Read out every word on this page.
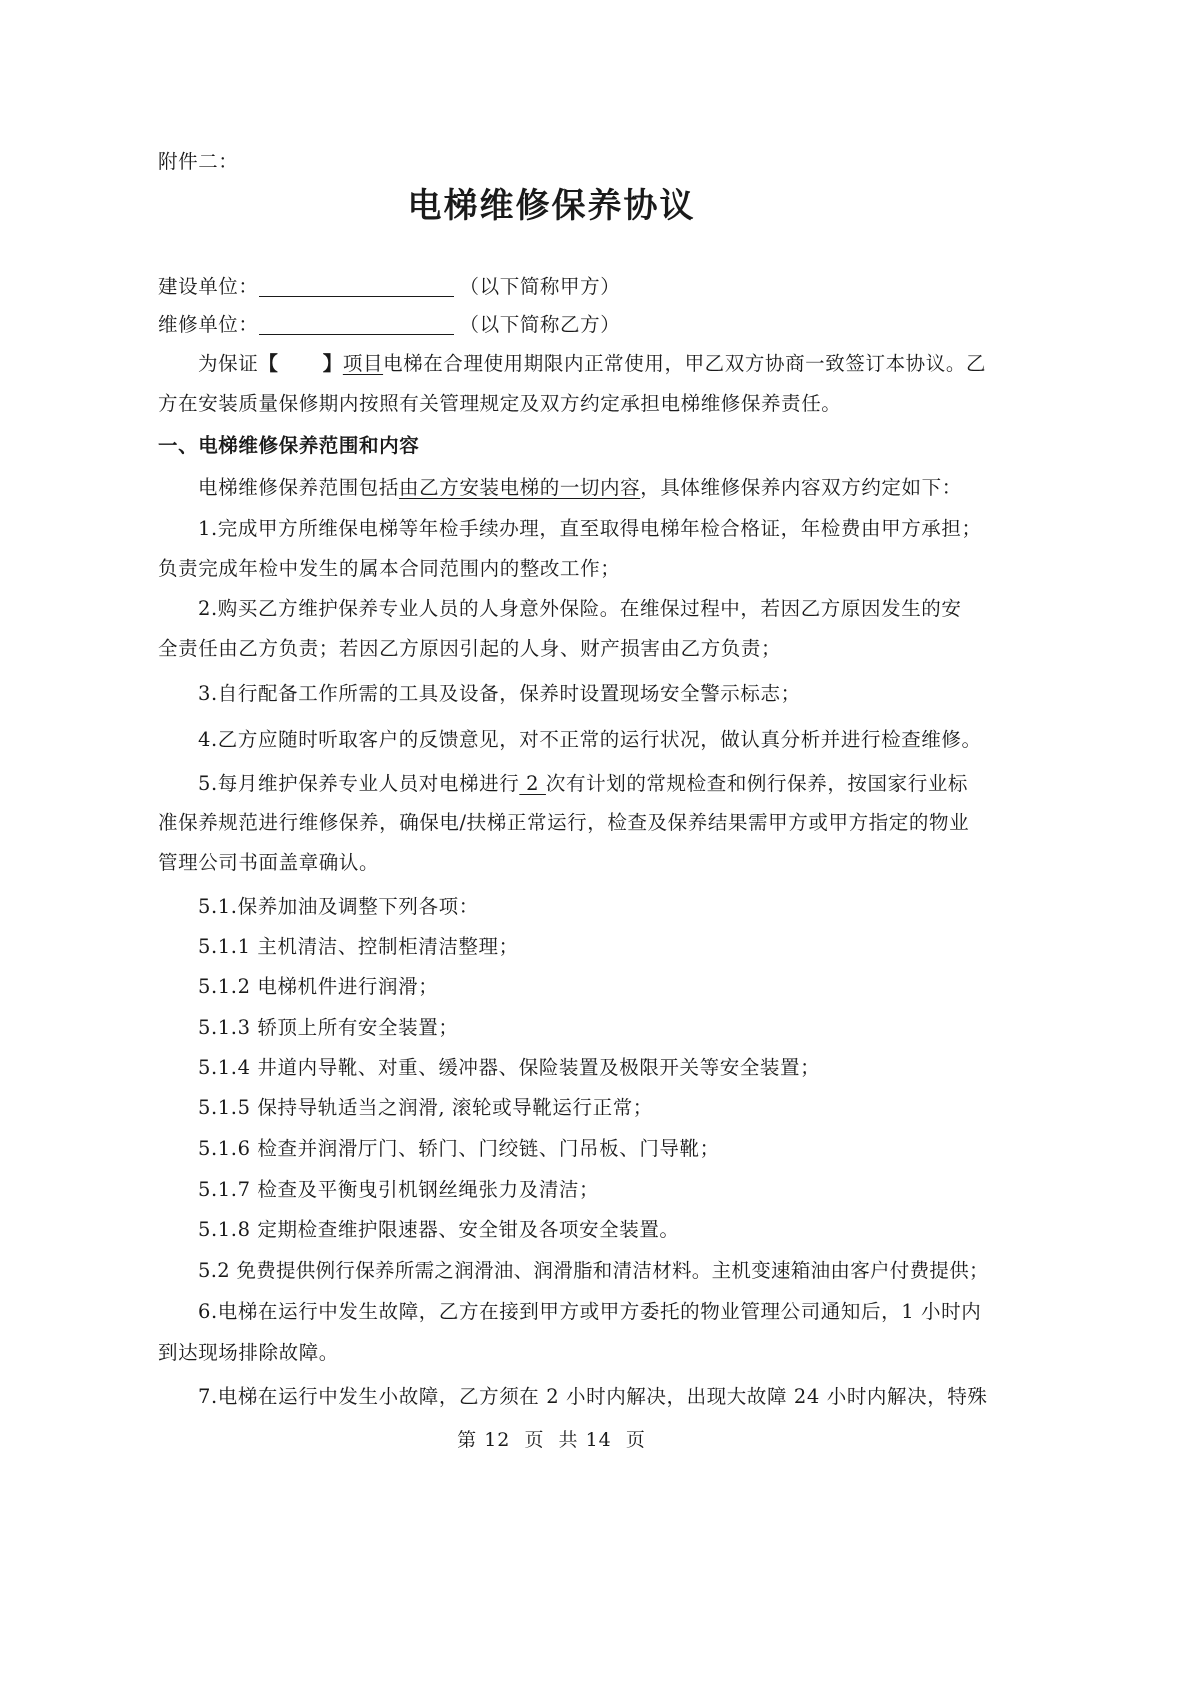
附件二：
电梯维修保养协议
建设单位：	（以下简称甲方）
维修单位：	（以下简称乙方）
为保证【      】项目电梯在合理使用期限内正常使用，甲乙双方协商一致签订本协议。乙
方在安装质量保修期内按照有关管理规定及双方约定承担电梯维修保养责任。
一、电梯维修保养范围和内容
电梯维修保养范围包括由乙方安装电梯的一切内容，具体维修保养内容双方约定如下：
1.完成甲方所维保电梯等年检手续办理，直至取得电梯年检合格证，年检费由甲方承担；
负责完成年检中发生的属本合同范围内的整改工作；
2.购买乙方维护保养专业人员的人身意外保险。在维保过程中，若因乙方原因发生的安
全责任由乙方负责；若因乙方原因引起的人身、财产损害由乙方负责；
3.自行配备工作所需的工具及设备，保养时设置现场安全警示标志；
4.乙方应随时听取客户的反馈意见，对不正常的运行状况，做认真分析并进行检查维修。
5.每月维护保养专业人员对电梯进行 2 次有计划的常规检查和例行保养，按国家行业标
准保养规范进行维修保养，确保电/扶梯正常运行，检查及保养结果需甲方或甲方指定的物业
管理公司书面盖章确认。
5.1.保养加油及调整下列各项：
5.1.1 主机清洁、控制柜清洁整理；
5.1.2 电梯机件进行润滑；
5.1.3 轿顶上所有安全装置；
5.1.4 井道内导靴、对重、缓冲器、保险装置及极限开关等安全装置；
5.1.5 保持导轨适当之润滑, 滚轮或导靴运行正常；
5.1.6 检查并润滑厅门、轿门、门绞链、门吊板、门导靴；
5.1.7 检查及平衡曳引机钢丝绳张力及清洁；
5.1.8 定期检查维护限速器、安全钳及各项安全装置。
5.2 免费提供例行保养所需之润滑油、润滑脂和清洁材料。主机变速箱油由客户付费提供；
6.电梯在运行中发生故障，乙方在接到甲方或甲方委托的物业管理公司通知后，1 小时内
到达现场排除故障。
7.电梯在运行中发生小故障，乙方须在 2 小时内解决，出现大故障 24 小时内解决，特殊
第 12  页  共 14  页
